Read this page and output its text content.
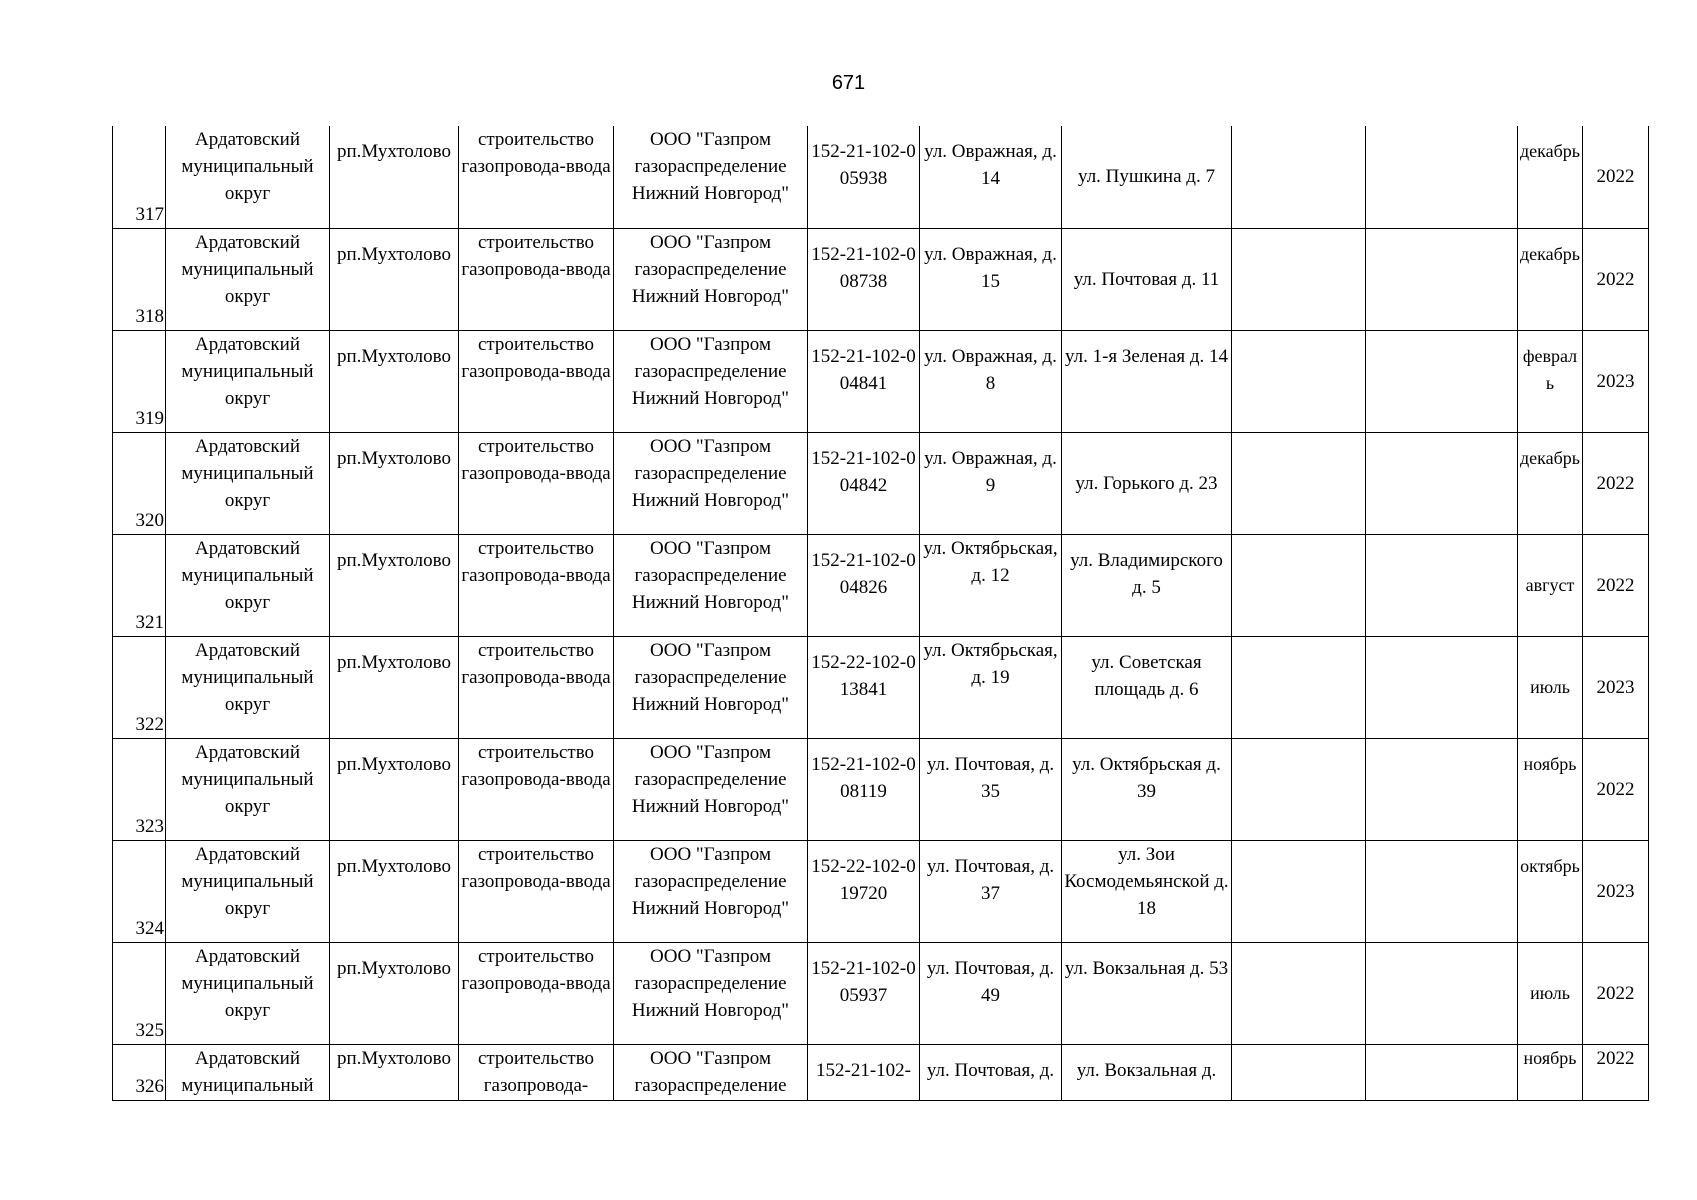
671
317	Ардатовский муниципальный округ	рп.Мухтолово	строительство газопровода-ввода	ООО "Газпром газораспределение Нижний Новгород"	152-21-102-005938	ул. Овражная, д. 14	ул. Пушкина д. 7			декабрь	2022
318	Ардатовский муниципальный округ	рп.Мухтолово	строительство газопровода-ввода	ООО "Газпром газораспределение Нижний Новгород"	152-21-102-008738	ул. Овражная, д. 15	ул. Почтовая д. 11			декабрь	2022
319	Ардатовский муниципальный округ	рп.Мухтолово	строительство газопровода-ввода	ООО "Газпром газораспределение Нижний Новгород"	152-21-102-004841	ул. Овражная, д. 8	ул. 1-я Зеленая д. 14			февраль	2023
320	Ардатовский муниципальный округ	рп.Мухтолово	строительство газопровода-ввода	ООО "Газпром газораспределение Нижний Новгород"	152-21-102-004842	ул. Овражная, д. 9	ул. Горького д. 23			декабрь	2022
321	Ардатовский муниципальный округ	рп.Мухтолово	строительство газопровода-ввода	ООО "Газпром газораспределение Нижний Новгород"	152-21-102-004826	ул. Октябрьская, д. 12	ул. Владимирского д. 5			август	2022
322	Ардатовский муниципальный округ	рп.Мухтолово	строительство газопровода-ввода	ООО "Газпром газораспределение Нижний Новгород"	152-22-102-013841	ул. Октябрьская, д. 19	ул. Советская площадь д. 6			июль	2023
323	Ардатовский муниципальный округ	рп.Мухтолово	строительство газопровода-ввода	ООО "Газпром газораспределение Нижний Новгород"	152-21-102-008119	ул. Почтовая, д. 35	ул. Октябрьская д. 39			ноябрь	2022
324	Ардатовский муниципальный округ	рп.Мухтолово	строительство газопровода-ввода	ООО "Газпром газораспределение Нижний Новгород"	152-22-102-019720	ул. Почтовая, д. 37	ул. Зои Космодемьянской д. 18			октябрь	2023
325	Ардатовский муниципальный округ	рп.Мухтолово	строительство газопровода-ввода	ООО "Газпром газораспределение Нижний Новгород"	152-21-102-005937	ул. Почтовая, д. 49	ул. Вокзальная д. 53			июль	2022
326	Ардатовский муниципальный	рп.Мухтолово	строительство газопровода-	ООО "Газпром газораспределение	152-21-102-	ул. Почтовая, д.	ул. Вокзальная д.			ноябрь	2022
